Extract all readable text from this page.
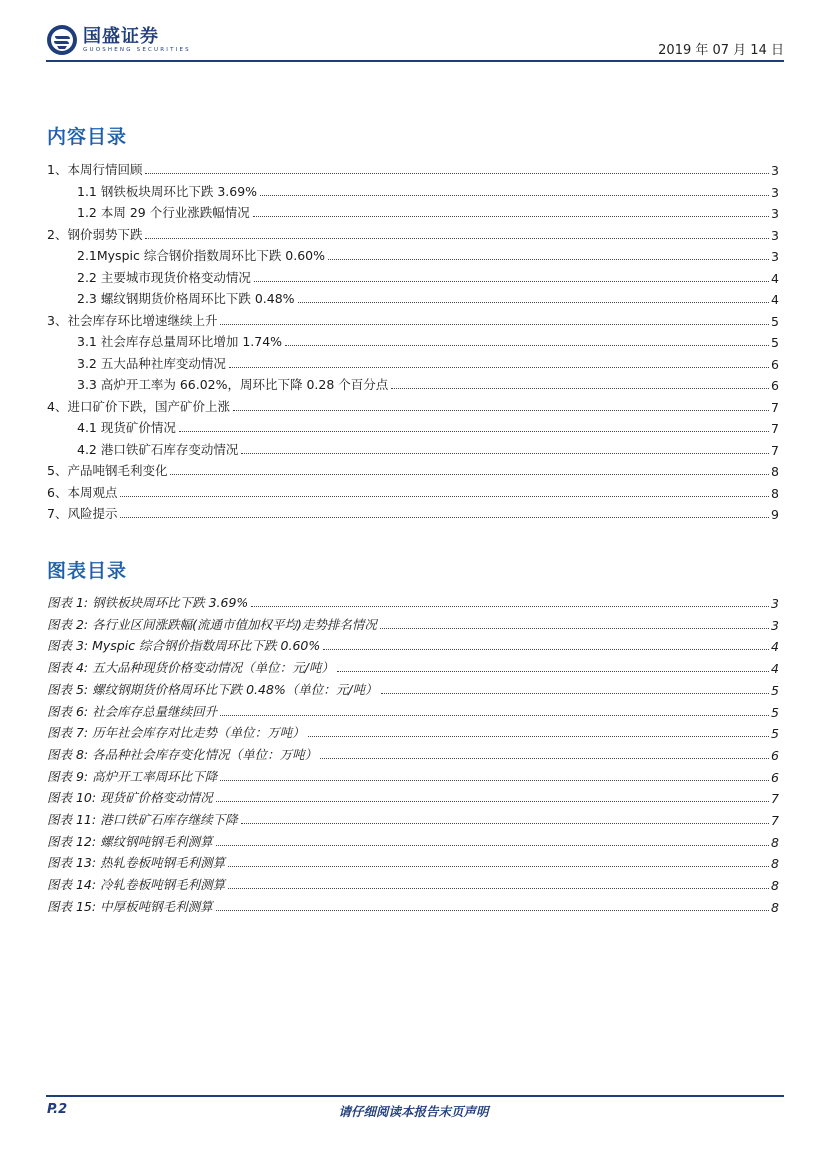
国盛证券
GUOSHENG SECURITIES	2019 年 07 月 14 日
内容目录
1、本周行情回顾	3
1.1 钢铁板块周环比下跌 3.69%	3
1.2 本周 29 个行业涨跌幅情况	3
2、钢价弱势下跌	3
2.1Myspic 综合钢价指数周环比下跌 0.60%	3
2.2 主要城市现货价格变动情况	4
2.3 螺纹钢期货价格周环比下跌 0.48%	4
3、社会库存环比增速继续上升	5
3.1 社会库存总量周环比增加 1.74%	5
3.2 五大品种社库变动情况	6
3.3 高炉开工率为 66.02%，周环比下降 0.28 个百分点	6
4、进口矿价下跌，国产矿价上涨	7
4.1 现货矿价情况	7
4.2 港口铁矿石库存变动情况	7
5、产品吨钢毛利变化	8
6、本周观点	8
7、风险提示	9
图表目录
图表 1: 钢铁板块周环比下跌 3.69%	3
图表 2: 各行业区间涨跌幅(流通市值加权平均)走势排名情况	3
图表 3: Myspic 综合钢价指数周环比下跌 0.60%	4
图表 4: 五大品种现货价格变动情况（单位：元/吨）	4
图表 5: 螺纹钢期货价格周环比下跌 0.48%（单位：元/吨）	5
图表 6: 社会库存总量继续回升	5
图表 7: 历年社会库存对比走势（单位：万吨）	5
图表 8: 各品种社会库存变化情况（单位：万吨）	6
图表 9: 高炉开工率周环比下降	6
图表 10: 现货矿价格变动情况	7
图表 11: 港口铁矿石库存继续下降	7
图表 12: 螺纹钢吨钢毛利测算	8
图表 13: 热轧卷板吨钢毛利测算	8
图表 14: 冷轧卷板吨钢毛利测算	8
图表 15: 中厚板吨钢毛利测算	8
请仔细阅读本报告末页声明
P.2
